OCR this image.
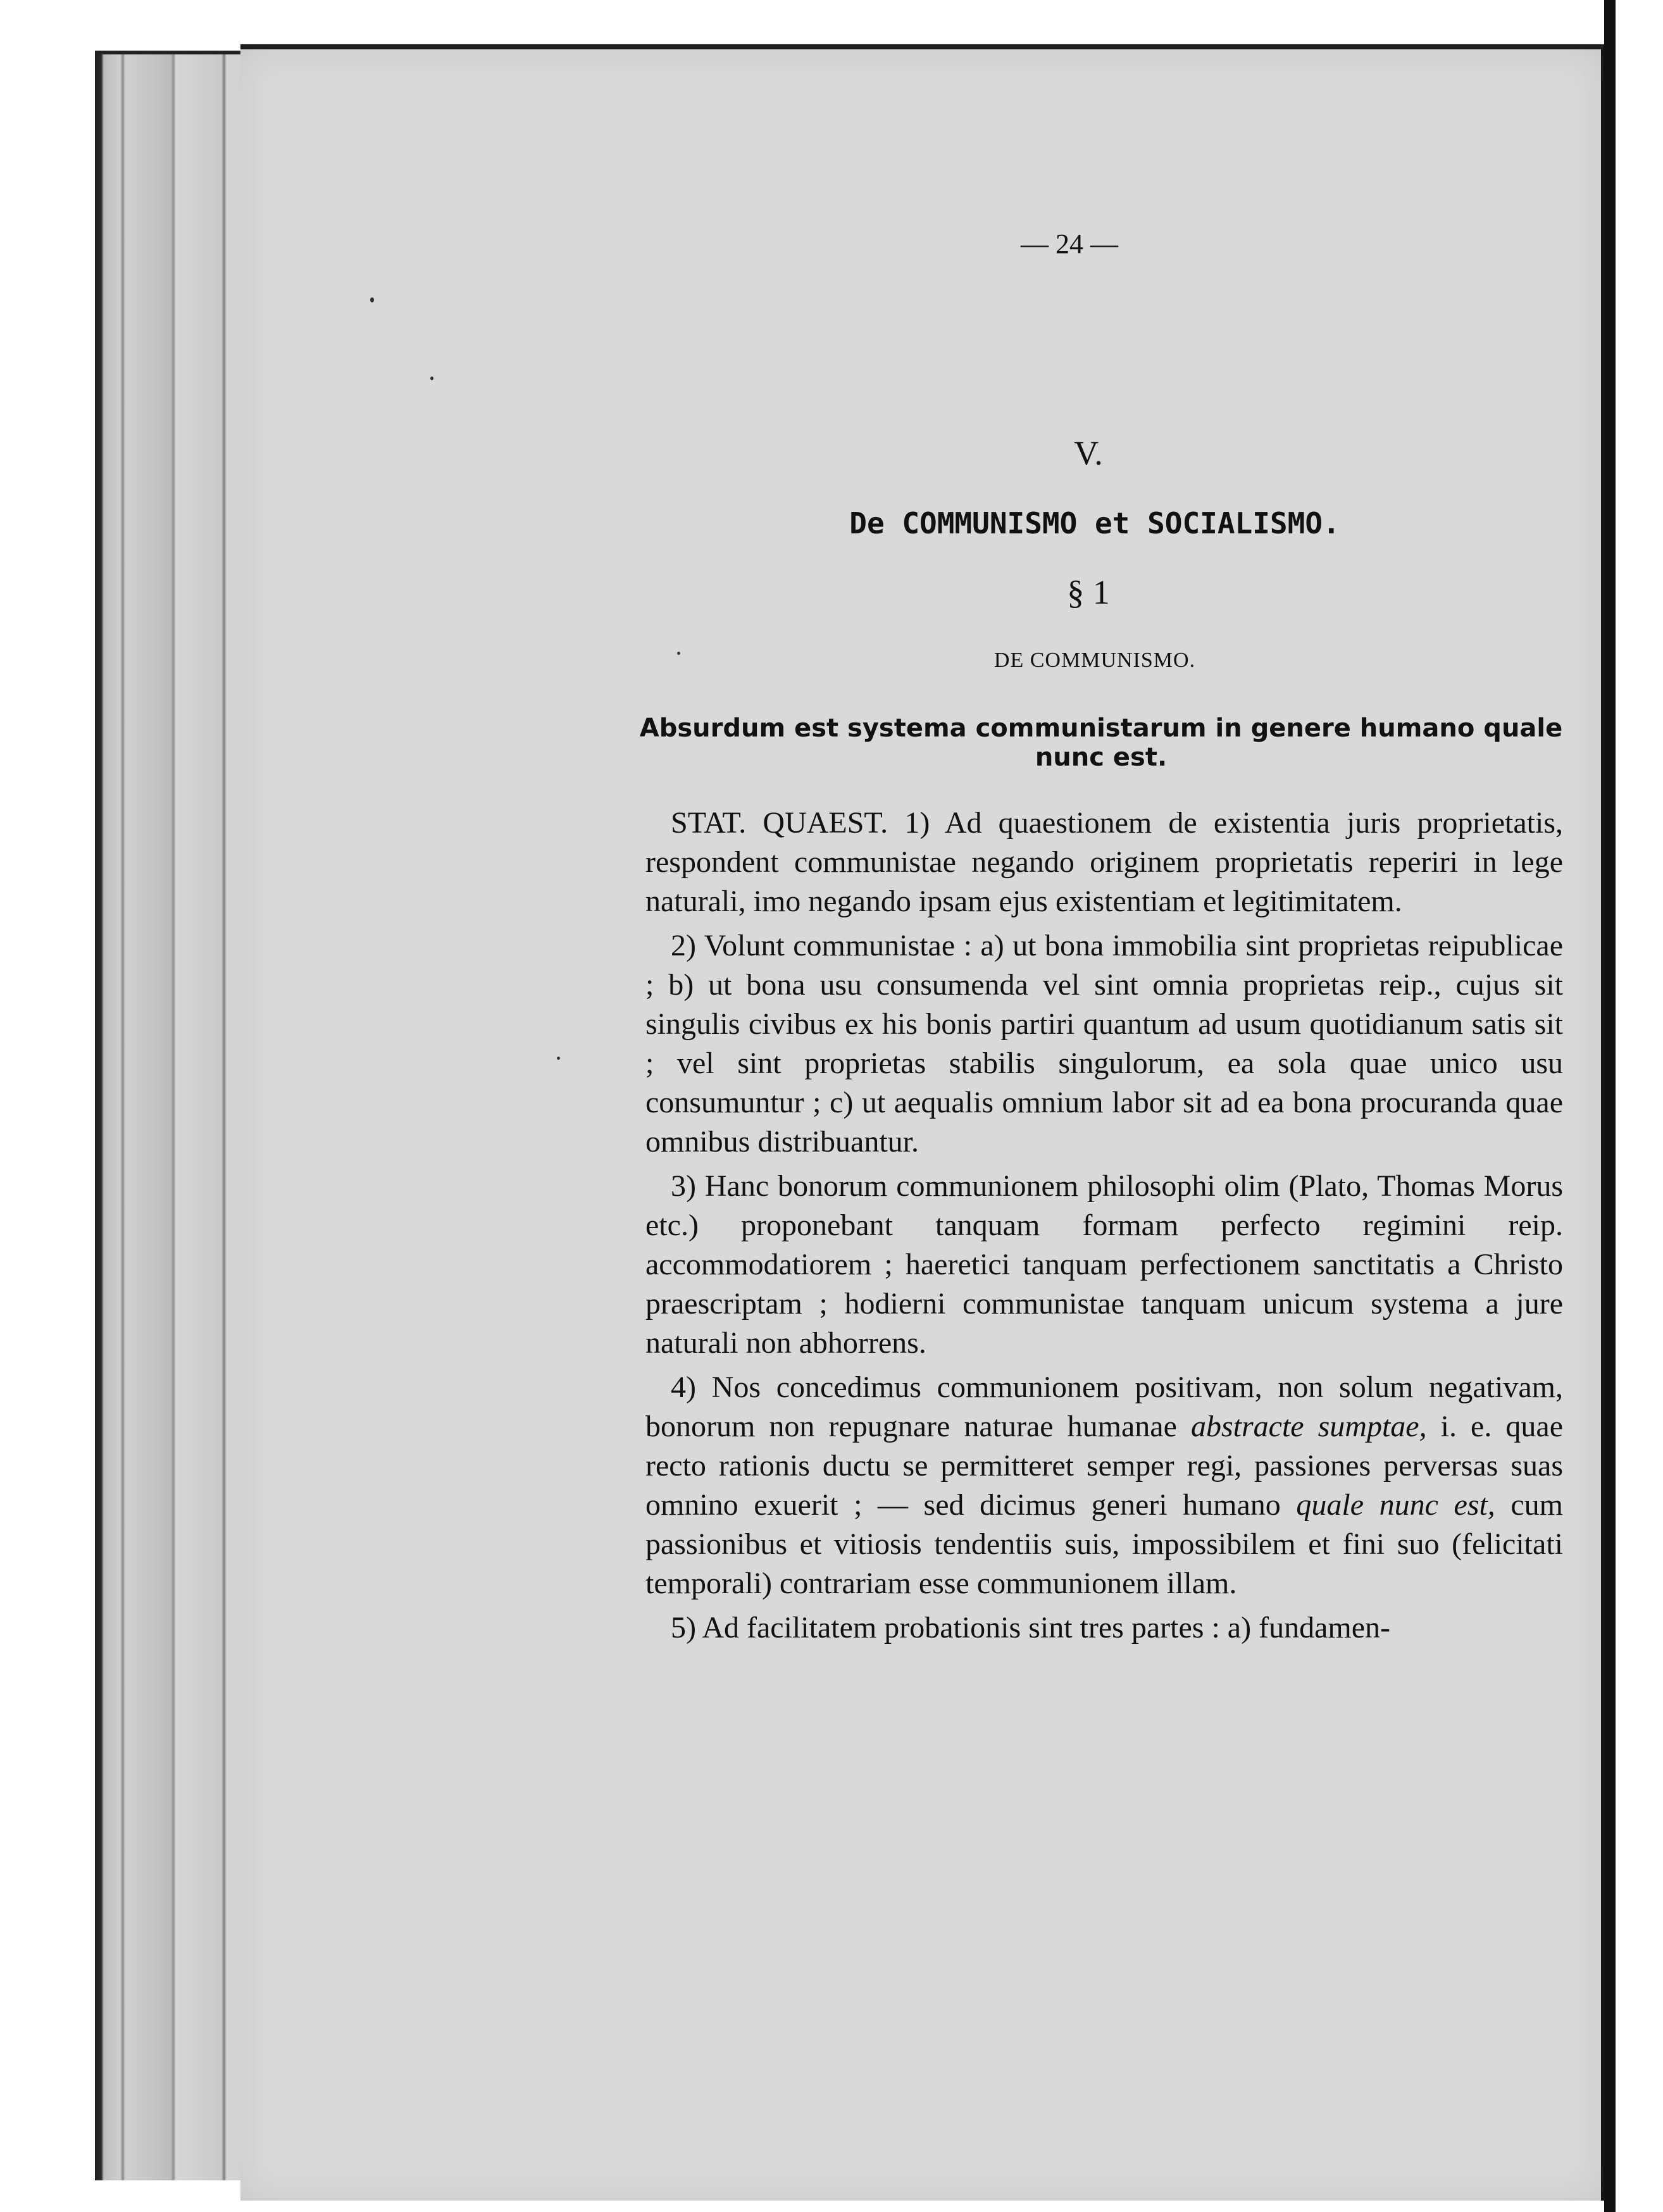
— 24 —
V.
De COMMUNISMO et SOCIALISMO.
§ 1
DE COMMUNISMO.
Absurdum est systema communistarum in genere humano quale nunc est.

STAT. QUAEST. 1) Ad quaestionem de existentia juris proprietatis, respondent communistae negando originem proprietatis reperiri in lege naturali, imo negando ipsam ejus existentiam et legitimitatem.

2) Volunt communistae : a) ut bona immobilia sint proprietas reipublicae ; b) ut bona usu consumenda vel sint omnia proprietas reip., cujus sit singulis civibus ex his bonis partiri quantum ad usum quotidianum satis sit ; vel sint proprietas stabilis singulorum, ea sola quae unico usu consumuntur ; c) ut aequalis omnium labor sit ad ea bona procuranda quae omnibus distribuantur.

3) Hanc bonorum communionem philosophi olim (Plato, Thomas Morus etc.) proponebant tanquam formam perfecto regimini reip. accommodatiorem ; haeretici tanquam perfectionem sanctitatis a Christo praescriptam ; hodierni communistae tanquam unicum systema a jure naturali non abhorrens.

4) Nos concedimus communionem positivam, non solum negativam, bonorum non repugnare naturae humanae abstracte sumptae, i. e. quae recto rationis ductu se permitteret semper regi, passiones perversas suas omnino exuerit ; — sed dicimus generi humano quale nunc est, cum passionibus et vitiosis tendentiis suis, impossibilem et fini suo (felicitati temporali) contrariam esse communionem illam.

5) Ad facilitatem probationis sint tres partes : a) fundamen-
